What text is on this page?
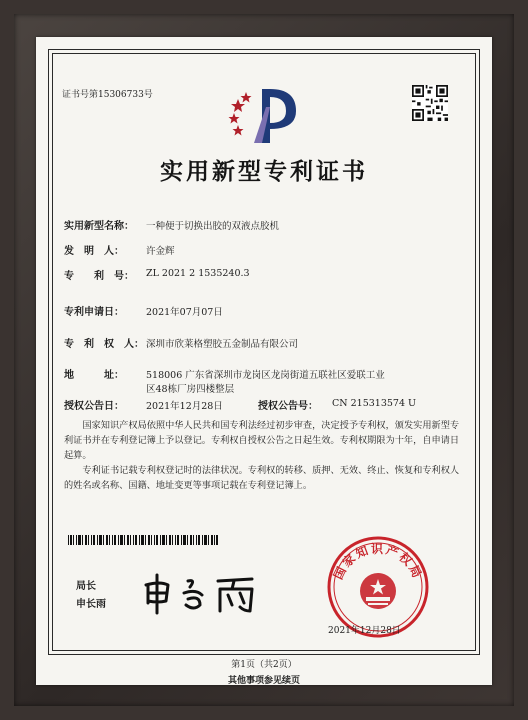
证书号第15306733号
实用新型专利证书
实用新型名称： 一种便于切换出胶的双液点胶机
发　明　人： 许金辉
专　　利　号： ZL 2021 2 1535240.3
专利申请日： 2021年07月07日
专　利　权　人： 深圳市欣莱格塑胶五金制品有限公司
地　　　址： 518006 广东省深圳市龙岗区龙岗街道五联社区爱联工业
区48栋厂房四楼整层
授权公告日： 2021年12月28日	授权公告号： CN 215313574 U
国家知识产权局依照中华人民共和国专利法经过初步审查，决定授予专利权，颁发实用新型专利证书并在专利登记簿上予以登记。专利权自授权公告之日起生效。专利权期限为十年，自申请日起算。
专利证书记载专利权登记时的法律状况。专利权的转移、质押、无效、终止、恢复和专利权人的姓名或名称、国籍、地址变更等事项记载在专利登记簿上。
局长
申长雨
国家知识产权局
2021年12月28日
第1页（共2页）
其他事项参见续页
